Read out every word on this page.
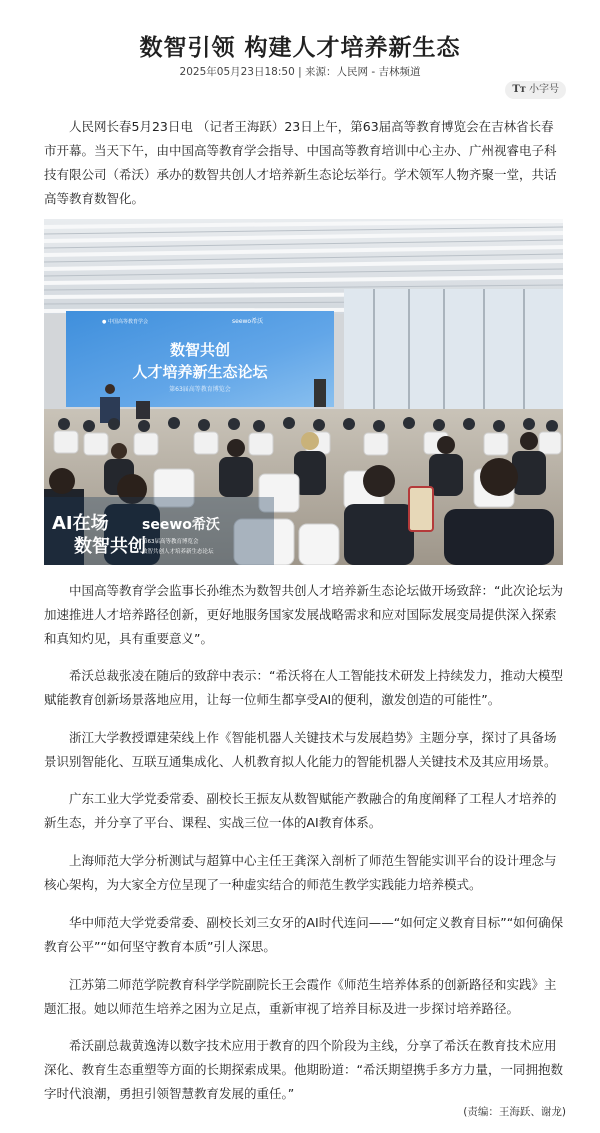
数智引领 构建人才培养新生态
2025年05月23日18:50 | 来源：人民网 - 吉林频道
Tт 小字号

人民网长春5月23日电 （记者王海跃）23日上午，第63届高等教育博览会在吉林省长春市开幕。当天下午，由中国高等教育学会指导、中国高等教育培训中心主办、广州视睿电子科技有限公司（希沃）承办的数智共创人才培养新生态论坛举行。学术领军人物齐聚一堂，共话高等教育数智化。

● 中国高等教育学会	seewo希沃
数智共创
人才培养新生态论坛
第63届高等教育博览会
AI在场
数智共创
seewo希沃
第63届高等教育博览会
数智共创人才培养新生态论坛

中国高等教育学会监事长孙维杰为数智共创人才培养新生态论坛做开场致辞：“此次论坛为加速推进人才培养路径创新，更好地服务国家发展战略需求和应对国际发展变局提供深入探索和真知灼见，具有重要意义”。

希沃总裁张凌在随后的致辞中表示：“希沃将在人工智能技术研发上持续发力，推动大模型赋能教育创新场景落地应用，让每一位师生都享受AI的便利，激发创造的可能性”。

浙江大学教授谭建荣线上作《智能机器人关键技术与发展趋势》主题分享，探讨了具备场景识别智能化、互联互通集成化、人机教育拟人化能力的智能机器人关键技术及其应用场景。

广东工业大学党委常委、副校长王振友从数智赋能产教融合的角度阐释了工程人才培养的新生态，并分享了平台、课程、实战三位一体的AI教育体系。

上海师范大学分析测试与超算中心主任王龚深入剖析了师范生智能实训平台的设计理念与核心架构，为大家全方位呈现了一种虚实结合的师范生教学实践能力培养模式。

华中师范大学党委常委、副校长刘三女牙的AI时代连问——“如何定义教育目标”“如何确保教育公平”“如何坚守教育本质”引人深思。

江苏第二师范学院教育科学学院副院长王会霞作《师范生培养体系的创新路径和实践》主题汇报。她以师范生培养之困为立足点，重新审视了培养目标及进一步探讨培养路径。

希沃副总裁黄逸涛以数字技术应用于教育的四个阶段为主线，分享了希沃在教育技术应用深化、教育生态重塑等方面的长期探索成果。他期盼道：“希沃期望携手多方力量，一同拥抱数字时代浪潮，勇担引领智慧教育发展的重任。”

(责编：王海跃、谢龙)
